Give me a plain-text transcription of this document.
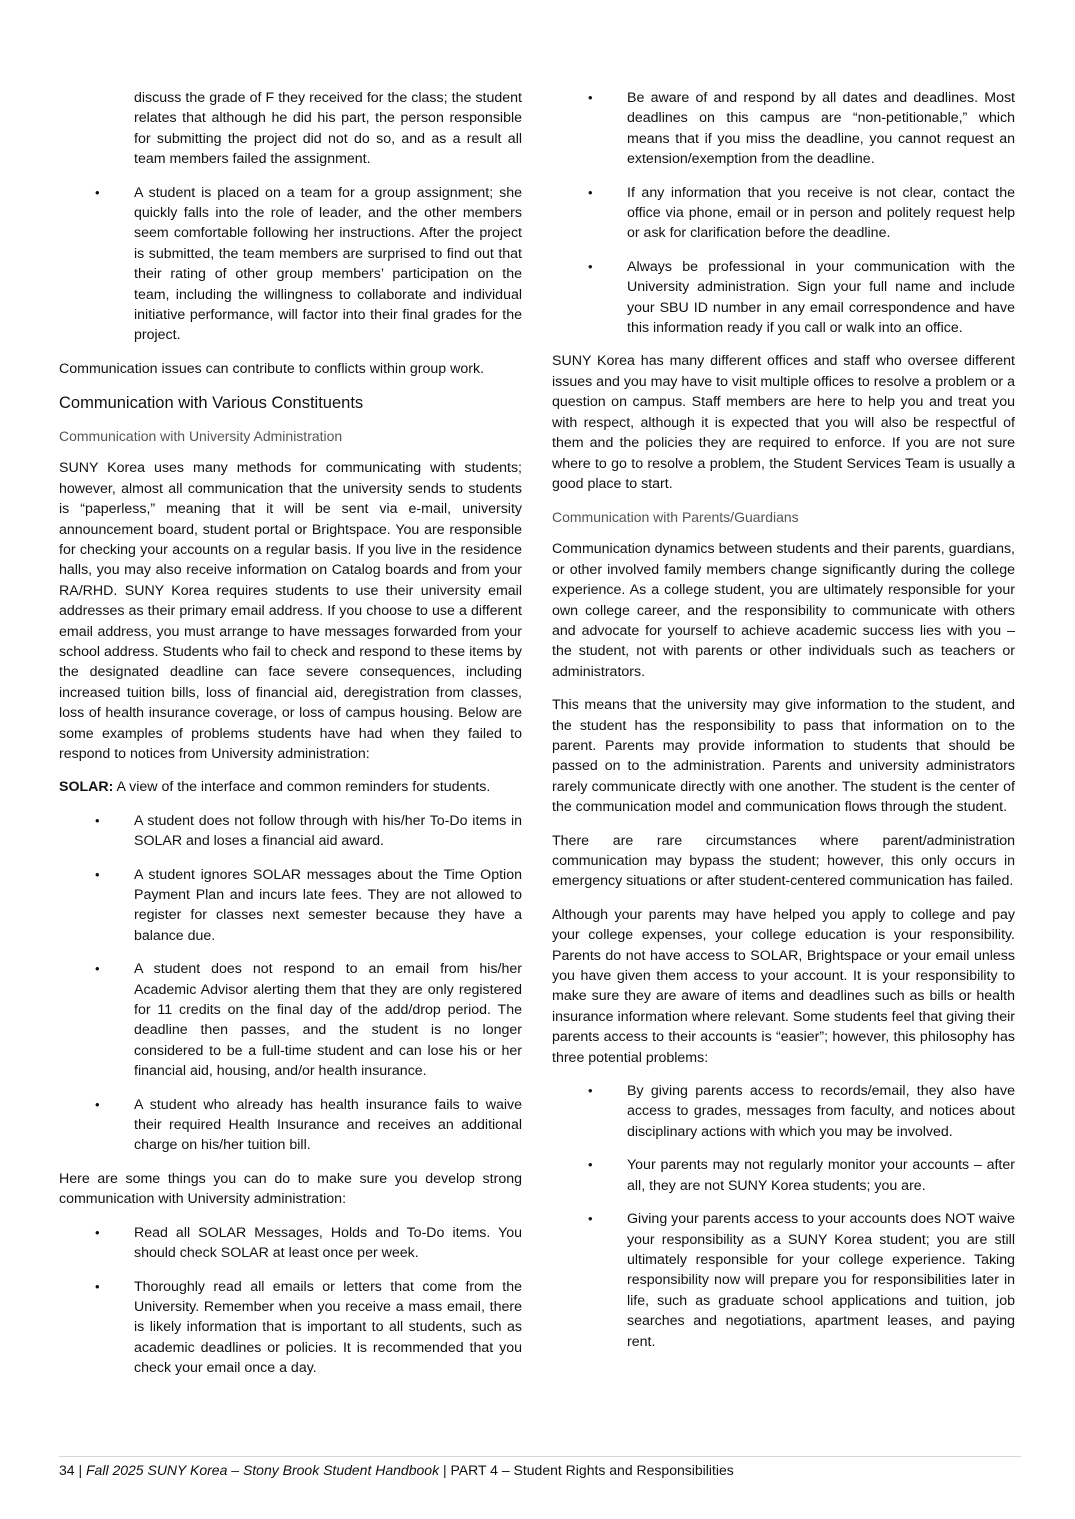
discuss the grade of F they received for the class; the student relates that although he did his part, the person responsible for submitting the project did not do so, and as a result all team members failed the assignment.

• A student is placed on a team for a group assignment; she quickly falls into the role of leader, and the other members seem comfortable following her instructions. After the project is submitted, the team members are surprised to find out that their rating of other group members’ participation on the team, including the willingness to collaborate and individual initiative performance, will factor into their final grades for the project.

Communication issues can contribute to conflicts within group work.

Communication with Various Constituents
Communication with University Administration

SUNY Korea uses many methods for communicating with students; however, almost all communication that the university sends to students is “paperless,” meaning that it will be sent via e-mail, university announcement board, student portal or Brightspace. You are responsible for checking your accounts on a regular basis. If you live in the residence halls, you may also receive information on Catalog boards and from your RA/RHD. SUNY Korea requires students to use their university email addresses as their primary email address. If you choose to use a different email address, you must arrange to have messages forwarded from your school address. Students who fail to check and respond to these items by the designated deadline can face severe consequences, including increased tuition bills, loss of financial aid, deregistration from classes, loss of health insurance coverage, or loss of campus housing. Below are some examples of problems students have had when they failed to respond to notices from University administration:

SOLAR: A view of the interface and common reminders for students.

• A student does not follow through with his/her To-Do items in SOLAR and loses a financial aid award.
• A student ignores SOLAR messages about the Time Option Payment Plan and incurs late fees. They are not allowed to register for classes next semester because they have a balance due.
• A student does not respond to an email from his/her Academic Advisor alerting them that they are only registered for 11 credits on the final day of the add/drop period. The deadline then passes, and the student is no longer considered to be a full-time student and can lose his or her financial aid, housing, and/or health insurance.
• A student who already has health insurance fails to waive their required Health Insurance and receives an additional charge on his/her tuition bill.

Here are some things you can do to make sure you develop strong communication with University administration:

• Read all SOLAR Messages, Holds and To-Do items. You should check SOLAR at least once per week.
• Thoroughly read all emails or letters that come from the University. Remember when you receive a mass email, there is likely information that is important to all students, such as academic deadlines or policies. It is recommended that you check your email once a day.
• Be aware of and respond by all dates and deadlines. Most deadlines on this campus are “non-petitionable,” which means that if you miss the deadline, you cannot request an extension/exemption from the deadline.
• If any information that you receive is not clear, contact the office via phone, email or in person and politely request help or ask for clarification before the deadline.
• Always be professional in your communication with the University administration. Sign your full name and include your SBU ID number in any email correspondence and have this information ready if you call or walk into an office.

SUNY Korea has many different offices and staff who oversee different issues and you may have to visit multiple offices to resolve a problem or a question on campus. Staff members are here to help you and treat you with respect, although it is expected that you will also be respectful of them and the policies they are required to enforce. If you are not sure where to go to resolve a problem, the Student Services Team is usually a good place to start.

Communication with Parents/Guardians

Communication dynamics between students and their parents, guardians, or other involved family members change significantly during the college experience. As a college student, you are ultimately responsible for your own college career, and the responsibility to communicate with others and advocate for yourself to achieve academic success lies with you – the student, not with parents or other individuals such as teachers or administrators.

This means that the university may give information to the student, and the student has the responsibility to pass that information on to the parent. Parents may provide information to students that should be passed on to the administration. Parents and university administrators rarely communicate directly with one another. The student is the center of the communication model and communication flows through the student.

There are rare circumstances where parent/administration communication may bypass the student; however, this only occurs in emergency situations or after student-centered communication has failed.

Although your parents may have helped you apply to college and pay your college expenses, your college education is your responsibility. Parents do not have access to SOLAR, Brightspace or your email unless you have given them access to your account. It is your responsibility to make sure they are aware of items and deadlines such as bills or health insurance information where relevant. Some students feel that giving their parents access to their accounts is “easier”; however, this philosophy has three potential problems:

• By giving parents access to records/email, they also have access to grades, messages from faculty, and notices about disciplinary actions with which you may be involved.
• Your parents may not regularly monitor your accounts – after all, they are not SUNY Korea students; you are.
• Giving your parents access to your accounts does NOT waive your responsibility as a SUNY Korea student; you are still ultimately responsible for your college experience. Taking responsibility now will prepare you for responsibilities later in life, such as graduate school applications and tuition, job searches and negotiations, apartment leases, and paying rent.
34 | Fall 2025 SUNY Korea – Stony Brook Student Handbook | PART 4 – Student Rights and Responsibilities
